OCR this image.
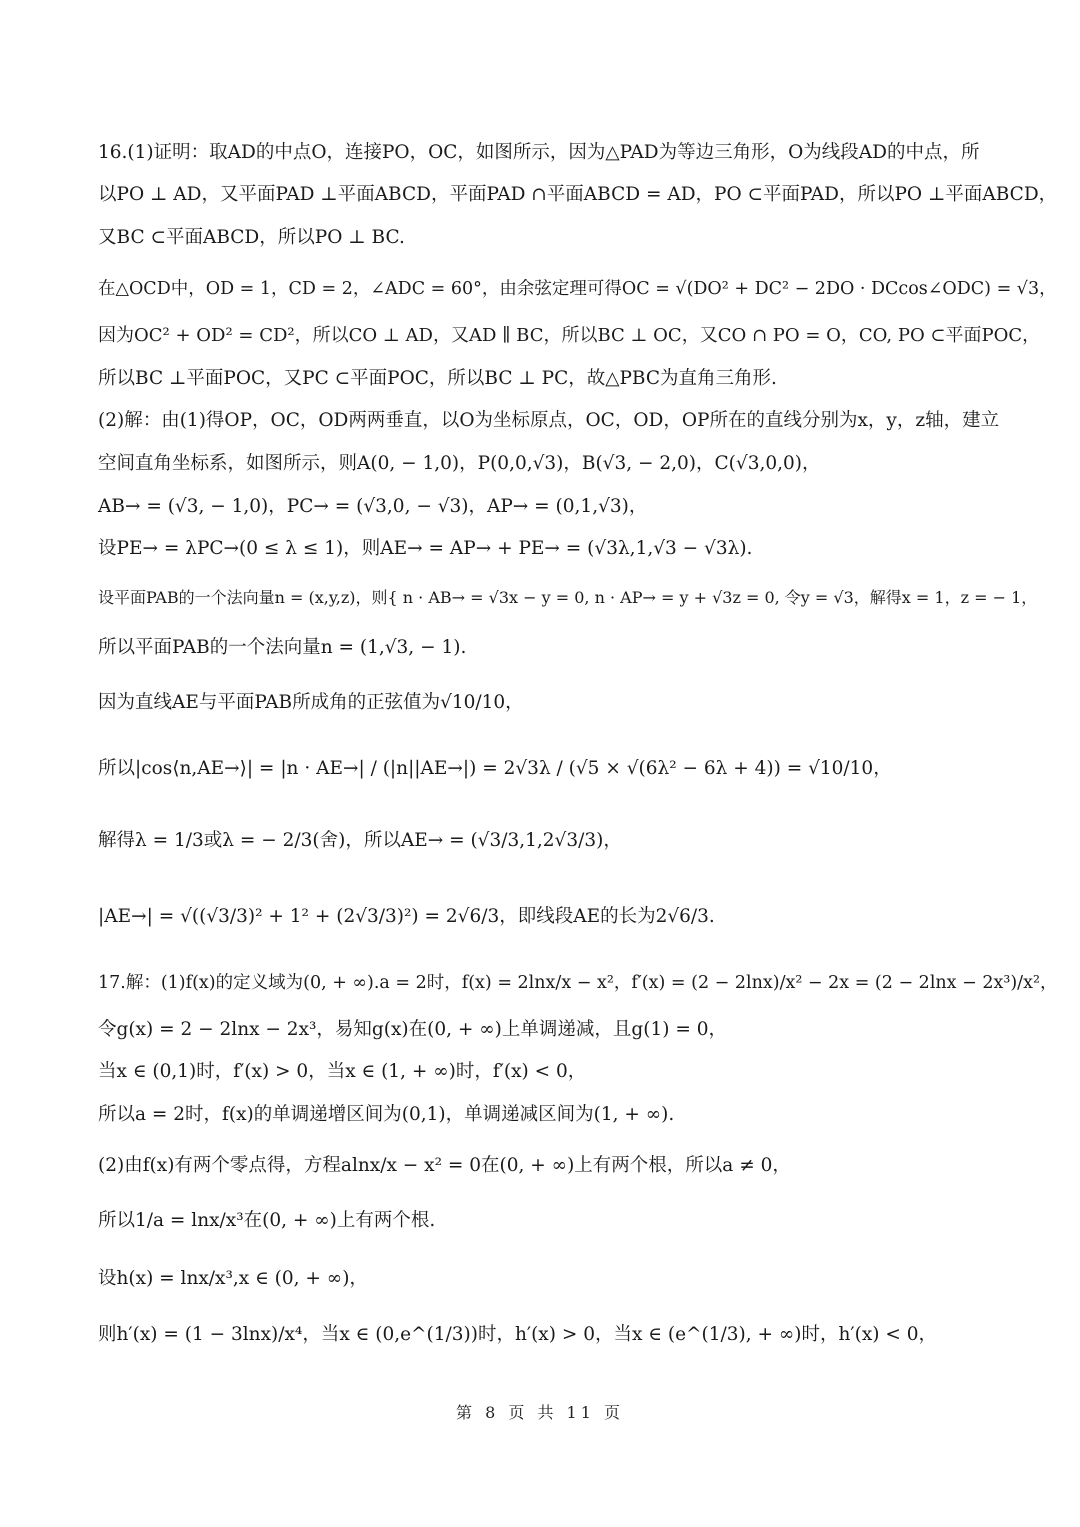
16.(1)证明：取AD的中点O，连接PO，OC，如图所示，因为△PAD为等边三角形，O为线段AD的中点，所
以PO ⊥ AD，又平面PAD ⊥平面ABCD，平面PAD ∩平面ABCD = AD，PO ⊂平面PAD，所以PO ⊥平面ABCD，
又BC ⊂平面ABCD，所以PO ⊥ BC.
在△OCD中，OD = 1，CD = 2，∠ADC = 60°，由余弦定理可得OC = √(DO² + DC² − 2DO · DCcos∠ODC) = √3，
因为OC² + OD² = CD²，所以CO ⊥ AD，又AD ∥ BC，所以BC ⊥ OC，又CO ∩ PO = O，CO, PO ⊂平面POC，
所以BC ⊥平面POC，又PC ⊂平面POC，所以BC ⊥ PC，故△PBC为直角三角形.
(2)解：由(1)得OP，OC，OD两两垂直，以O为坐标原点，OC，OD，OP所在的直线分别为x，y，z轴，建立
空间直角坐标系，如图所示，则A(0, − 1,0)，P(0,0,√3)，B(√3, − 2,0)，C(√3,0,0)，
AB→ = (√3, − 1,0)，PC→ = (√3,0, − √3)，AP→ = (0,1,√3)，
设PE→ = λPC→(0 ≤ λ ≤ 1)，则AE→ = AP→ + PE→ = (√3λ,1,√3 − √3λ).
设平面PAB的一个法向量n = (x,y,z)，则{ n · AB→ = √3x − y = 0, n · AP→ = y + √3z = 0, 令y = √3，解得x = 1，z = − 1，
所以平面PAB的一个法向量n = (1,√3, − 1).
因为直线AE与平面PAB所成角的正弦值为√10/10，
所以|cos⟨n,AE→⟩| = |n · AE→| / (|n||AE→|) = 2√3λ / (√5 × √(6λ² − 6λ + 4)) = √10/10，
解得λ = 1/3或λ = − 2/3(舍)，所以AE→ = (√3/3,1,2√3/3)，
|AE→| = √((√3/3)² + 1² + (2√3/3)²) = 2√6/3，即线段AE的长为2√6/3.
17.解：(1)f(x)的定义域为(0, + ∞).a = 2时，f(x) = 2lnx/x − x²，f′(x) = (2 − 2lnx)/x² − 2x = (2 − 2lnx − 2x³)/x²，
令g(x) = 2 − 2lnx − 2x³，易知g(x)在(0, + ∞)上单调递减，且g(1) = 0，
当x ∈ (0,1)时，f′(x) > 0，当x ∈ (1, + ∞)时，f′(x) < 0，
所以a = 2时，f(x)的单调递增区间为(0,1)，单调递减区间为(1, + ∞).
(2)由f(x)有两个零点得，方程alnx/x − x² = 0在(0, + ∞)上有两个根，所以a ≠ 0，
所以1/a = lnx/x³在(0, + ∞)上有两个根.
设h(x) = lnx/x³,x ∈ (0, + ∞)，
则h′(x) = (1 − 3lnx)/x⁴，当x ∈ (0,e^(1/3))时，h′(x) > 0，当x ∈ (e^(1/3), + ∞)时，h′(x) < 0，
第 8 页 共 11 页
